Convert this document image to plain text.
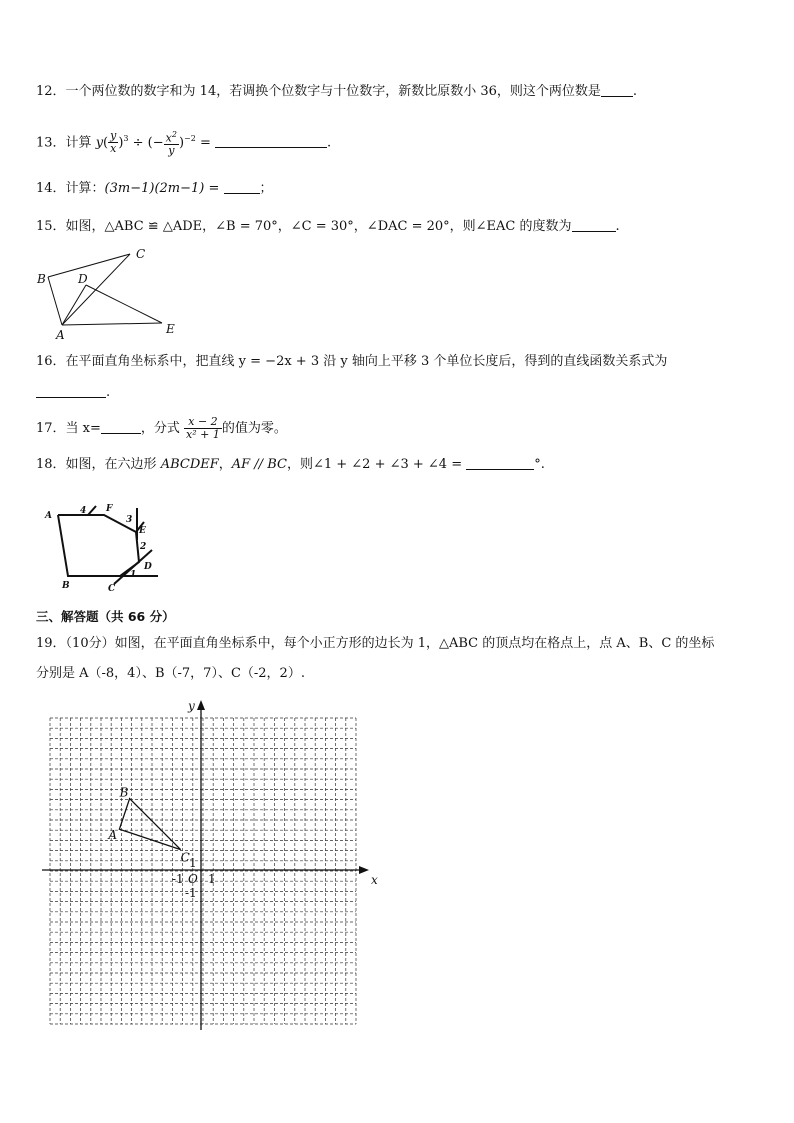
12．一个两位数的数字和为 14，若调换个位数字与十位数字，新数比原数小 36，则这个两位数是 .
13．计算 $y( \frac{y}{x} )^3$ ÷ (− $\frac{x^2}{y} )^{-2}$ =	.
14．计算：(3m−1)(2m−1) =	；
15．如图，△ABC ≌ △ADE，∠B = 70°，∠C = 30°，∠DAC = 20°，则∠EAC 的度数为	.
B
C
D
A	E
16．在平面直角坐标系中，把直线 y = −2x + 3 沿 y 轴向上平移 3 个单位长度后，得到的直线函数关系式为
.
17．当 x=	，分式 $\frac{x - 2}{\text{x² + 1}}$ 的值为零。
18．如图，在六边形 ABCDEF，AF // BC，则∠1 + ∠2 + ∠3 + ∠4 =	°.
A
F
E
D
C
B
4
3
2
1
三、解答题（共 66 分）
19．（10分）如图，在平面直角坐标系中，每个小正方形的边长为 1，△ABC 的顶点均在格点上，点 A、B、C 的坐标
分别是 A（-8，4）、B（-7，7）、C（-2，2）.
x
y
O 1
-1
1
-1
A
B
C
